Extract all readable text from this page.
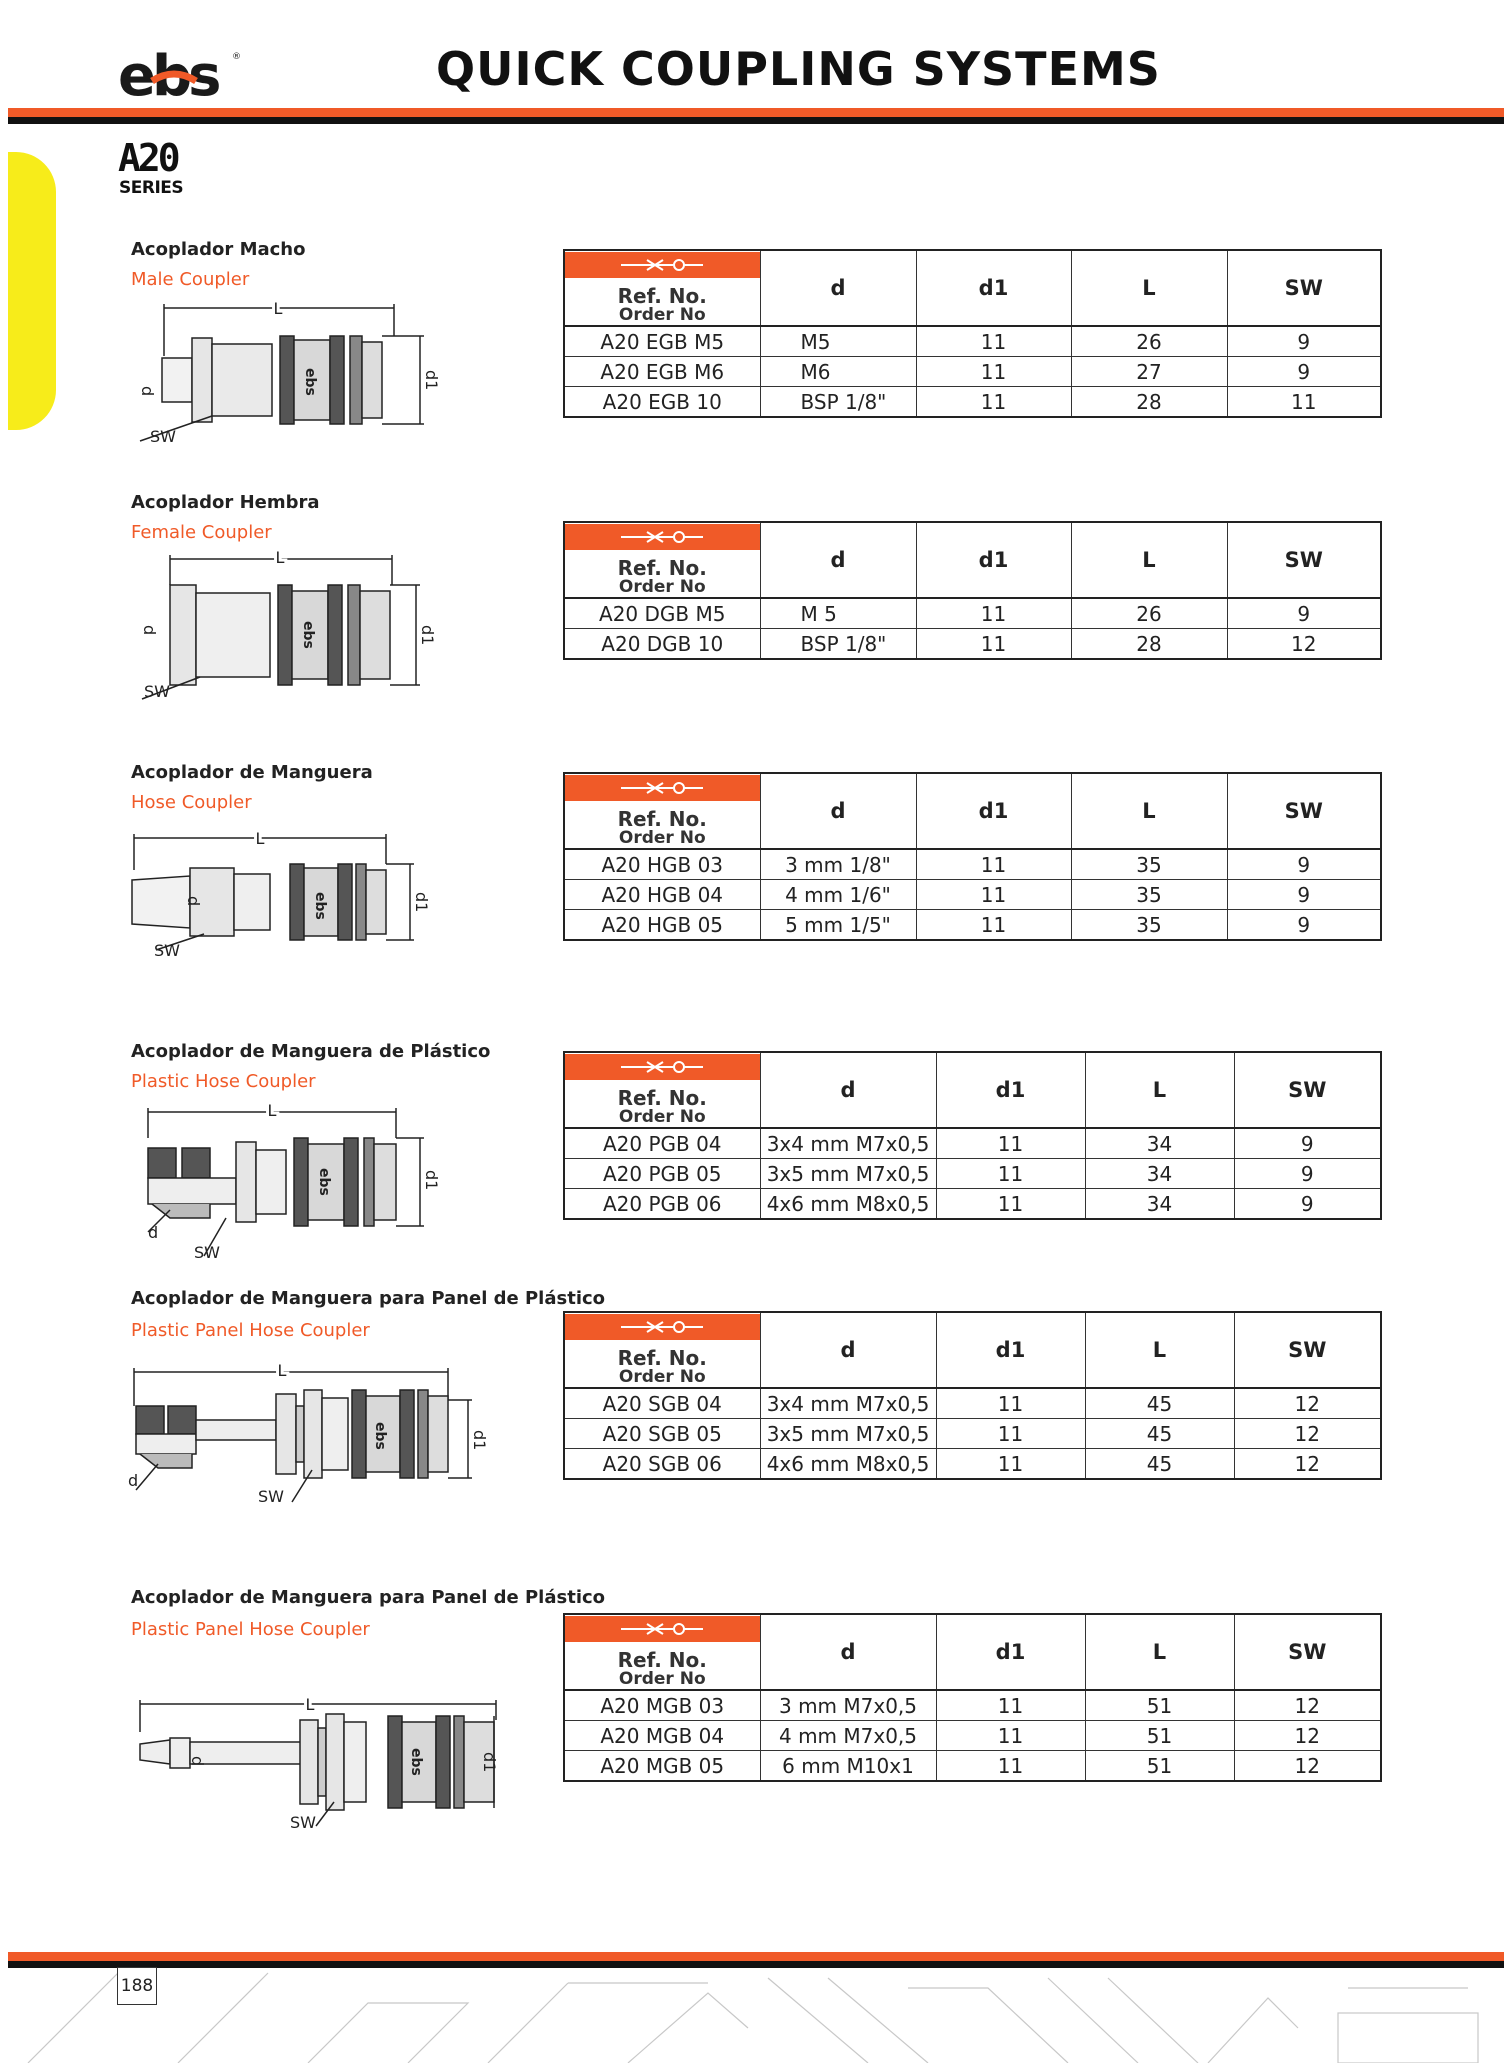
ebs ®	QUICK COUPLING SYSTEMS
A20
SERIES
Acoplador Macho
Male Coupler
L
d
d1
ebs
SW
Ref. No.
Order No	d	d1	L	SW
A20 EGB M5	M5	11	26	9
A20 EGB M6	M6	11	27	9
A20 EGB 10	BSP 1/8"	11	28	11
Acoplador Hembra
Female Coupler
L
d	d1
ebs
SW
Ref. No.
Order No	d	d1	L	SW
A20 DGB M5	M 5	11	26	9
A20 DGB 10	BSP 1/8"	11	28	12
Acoplador de Manguera
Hose Coupler
L
d	d1
ebs
SW
Ref. No.
Order No	d	d1	L	SW
A20 HGB 03	3 mm 1/8"	11	35	9
A20 HGB 04	4 mm 1/6"	11	35	9
A20 HGB 05	5 mm 1/5"	11	35	9
Acoplador de Manguera de Plástico
Plastic Hose Coupler
L
d
d1
ebs
SW
Ref. No.
Order No	d	d1	L	SW
A20 PGB 04	3x4 mm M7x0,5	11	34	9
A20 PGB 05	3x5 mm M7x0,5	11	34	9
A20 PGB 06	4x6 mm M8x0,5	11	34	9
Acoplador de Manguera para Panel de Plástico
Plastic Panel Hose Coupler
L
d
d1
ebs
SW
Ref. No.
Order No	d	d1	L	SW
A20 SGB 04	3x4 mm M7x0,5	11	45	12
A20 SGB 05	3x5 mm M7x0,5	11	45	12
A20 SGB 06	4x6 mm M8x0,5	11	45	12
Acoplador de Manguera para Panel de Plástico
Plastic Panel Hose Coupler
L
d	d1
ebs
SW
Ref. No.
Order No	d	d1	L	SW
A20 MGB 03	3 mm M7x0,5	11	51	12
A20 MGB 04	4 mm M7x0,5	11	51	12
A20 MGB 05	6 mm M10x1	11	51	12
188
